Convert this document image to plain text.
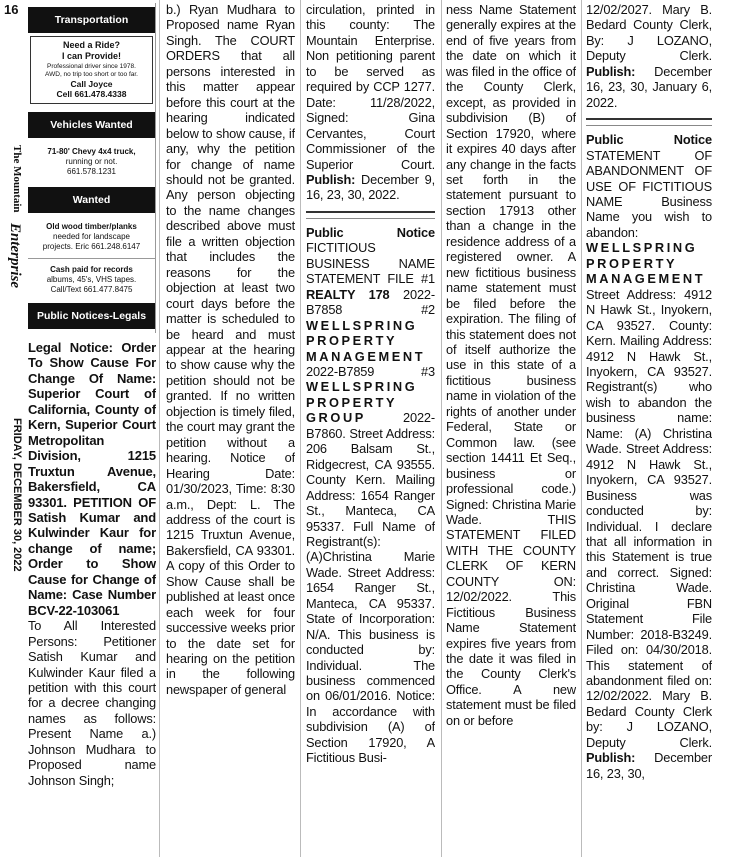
16
The Mountain
Enterprise
FRIDAY, DECEMBER 30, 2022
Transportation
Need a Ride?
I can Provide!
Professional driver since 1978.
AWD, no trip too short or too far.
Call Joyce
Cell 661.478.4338
Vehicles Wanted
71-80' Chevy 4x4 truck,
running or not.
661.578.1231
Wanted
Old wood timber/planks
needed for landscape
projects. Eric 661.248.6147
Cash paid for records
albums, 45's, VHS tapes.
Call/Text 661.477.8475
Public Notices-Legals

Legal Notice: Order To Show Cause For Change Of Name: Superior Court of California, County of Kern, Superior Court Metropolitan Division, 1215 Truxtun Avenue, Bakersfield, CA 93301. PETITION OF Satish Kumar and Kulwinder Kaur for change of name; Order to Show Cause for Change of Name: Case Number BCV-22-103061

To All Interested Persons: Petitioner Satish Kumar and Kulwinder Kaur filed a petition with this court for a decree changing names as follows: Present Name a.) Johnson Mudhara to Proposed name Johnson Singh;

b.) Ryan Mudhara to Proposed name Ryan Singh. The COURT ORDERS that all persons interested in this matter appear before this court at the hearing indicated below to show cause, if any, why the petition for change of name should not be granted. Any person objecting to the name changes described above must file a written objection that includes the reasons for the objection at least two court days before the matter is scheduled to be heard and must appear at the hearing to show cause why the petition should not be granted. If no written objection is timely filed, the court may grant the petition without a hearing. Notice of Hearing Date: 01/30/2023, Time: 8:30 a.m., Dept: L. The address of the court is 1215 Truxtun Avenue, Bakersfield, CA 93301. A copy of this Order to Show Cause shall be published at least once each week for four successive weeks prior to the date set for hearing on the petition in the following newspaper of general

circulation, printed in this county: The Mountain Enterprise. Non petitioning parent to be served as required by CCP 1277. Date: 11/28/2022, Signed: Gina Cervantes, Court Commissioner of the Superior Court. Publish: December 9, 16, 23, 30, 2022.

Public Notice FICTITIOUS BUSINESS NAME STATEMENT FILE #1 REALTY 178 2022-B7858 #2 WELLSPRING PROPERTY MANAGEMENT 2022-B7859 #3 WELLSPRING PROPERTY GROUP	2022-B7860. Street Address: 206 Balsam St., Ridgecrest, CA 93555. County Kern. Mailing Address: 1654 Ranger St., Manteca, CA 95337. Full Name of Registrant(s): (A)Christina Marie Wade. Street Address: 1654 Ranger St., Manteca, CA 95337. State of Incorporation: N/A. This business is conducted by: Individual. The business commenced on 06/01/2016. Notice: In accordance with subdivision (A) of Section 17920, A Fictitious Busi-

ness Name Statement generally expires at the end of five years from the date on which it was filed in the office of the County Clerk, except, as provided in subdivision (B) of Section 17920, where it expires 40 days after any change in the facts set forth in the statement pursuant to section 17913 other than a change in the residence address of a registered owner. A new fictitious business name statement must be filed before the expiration. The filing of this statement does not of itself authorize the use in this state of a fictitious business name in violation of the rights of another under Federal, State or Common law. (see section 14411 Et Seq., business or professional code.) Signed: Christina Marie Wade. THIS STATEMENT FILED WITH THE COUNTY CLERK OF KERN COUNTY ON: 12/02/2022. This Fictitious Business Name Statement expires five years from the date it was filed in the County Clerk's Office. A new statement must be filed on or before

12/02/2027. Mary B. Bedard County Clerk, By: J LOZANO, Deputy Clerk. Publish: December 16, 23, 30, January 6, 2022.

Public Notice STATEMENT OF ABANDONMENT OF USE OF FICTITIOUS NAME Business Name you wish to abandon: WELLSPRING PROPERTY MANAGEMENT Street Address: 4912 N Hawk St., Inyokern, CA 93527. County: Kern. Mailing Address: 4912 N Hawk St., Inyokern, CA 93527. Registrant(s) who wish to abandon the business name: Name: (A) Christina Wade. Street Address: 4912 N Hawk St., Inyokern, CA 93527. Business was conducted by: Individual. I declare that all information in this Statement is true and correct. Signed: Christina Wade. Original FBN Statement File Number: 2018-B3249. Filed on: 04/30/2018. This statement of abandonment filed on: 12/02/2022. Mary B. Bedard County Clerk by: J LOZANO, Deputy Clerk. Publish: December 16, 23, 30,
